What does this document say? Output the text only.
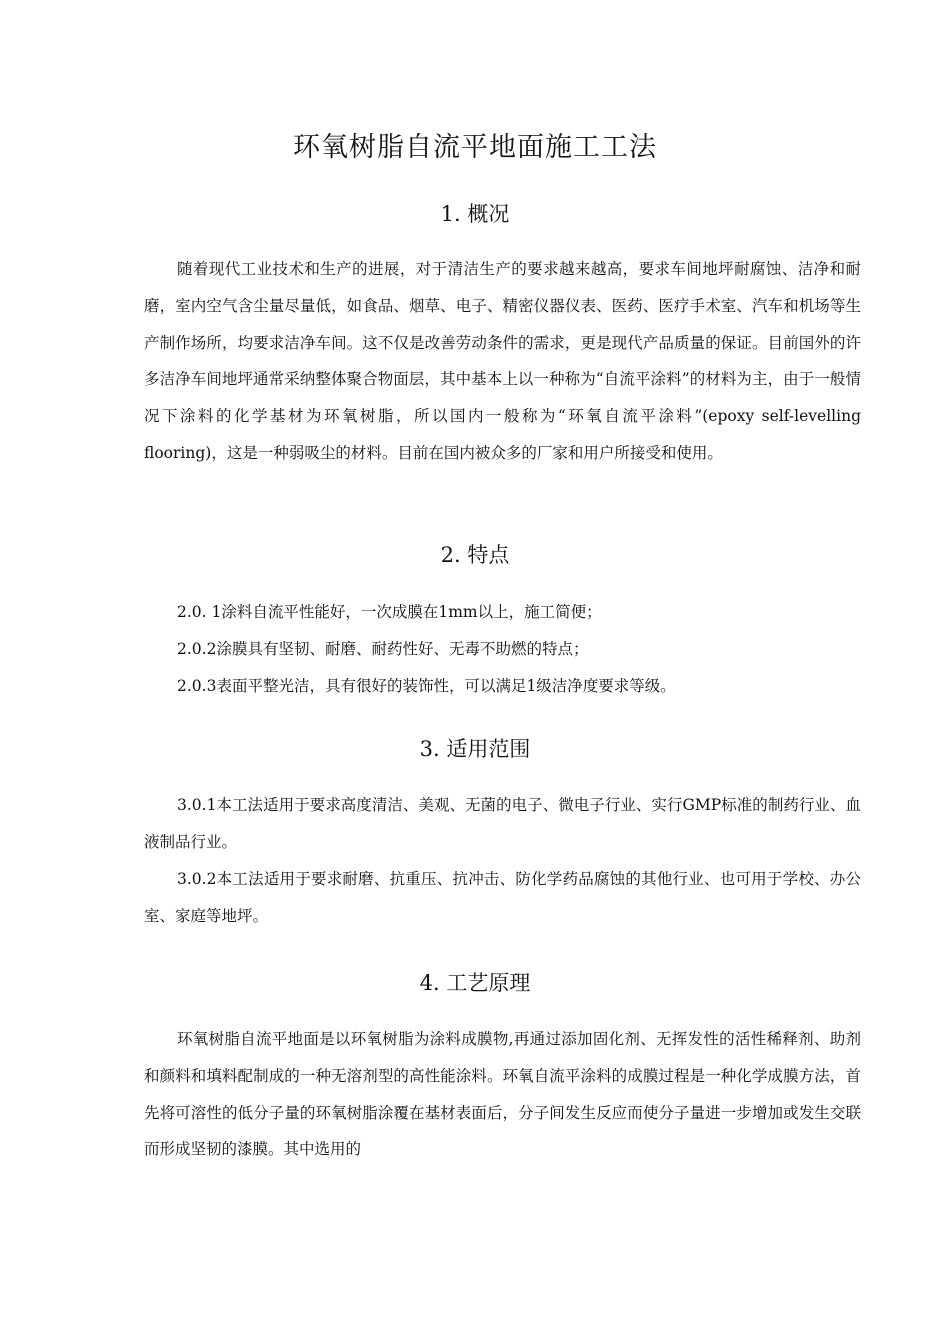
环氧树脂自流平地面施工工法
1. 概况

随着现代工业技术和生产的进展，对于清洁生产的要求越来越高，要求车间地坪耐腐蚀、洁净和耐磨，室内空气含尘量尽量低，如食品、烟草、电子、精密仪器仪表、医药、医疗手术室、汽车和机场等生产制作场所，均要求洁净车间。这不仅是改善劳动条件的需求，更是现代产品质量的保证。目前国外的许多洁净车间地坪通常采纳整体聚合物面层，其中基本上以一种称为“自流平涂料”的材料为主，由于一般情况下涂料的化学基材为环氧树脂，所以国内一般称为“环氧自流平涂料”(epoxy self-levelling flooring)，这是一种弱吸尘的材料。目前在国内被众多的厂家和用户所接受和使用。

2. 特点

2.0. 1涂料自流平性能好，一次成膜在1mm以上，施工简便；

2.0.2涂膜具有坚韧、耐磨、耐药性好、无毒不助燃的特点；

2.0.3表面平整光洁，具有很好的装饰性，可以满足1级洁净度要求等级。

3. 适用范围

3.0.1本工法适用于要求高度清洁、美观、无菌的电子、微电子行业、实行GMP标准的制药行业、血液制品行业。

3.0.2本工法适用于要求耐磨、抗重压、抗冲击、防化学药品腐蚀的其他行业、也可用于学校、办公室、家庭等地坪。

4. 工艺原理

环氧树脂自流平地面是以环氧树脂为涂料成膜物,再通过添加固化剂、无挥发性的活性稀释剂、助剂和颜料和填料配制成的一种无溶剂型的高性能涂料。环氧自流平涂料的成膜过程是一种化学成膜方法，首先将可溶性的低分子量的环氧树脂涂覆在基材表面后，分子间发生反应而使分子量进一步增加或发生交联而形成坚韧的漆膜。其中选用的
